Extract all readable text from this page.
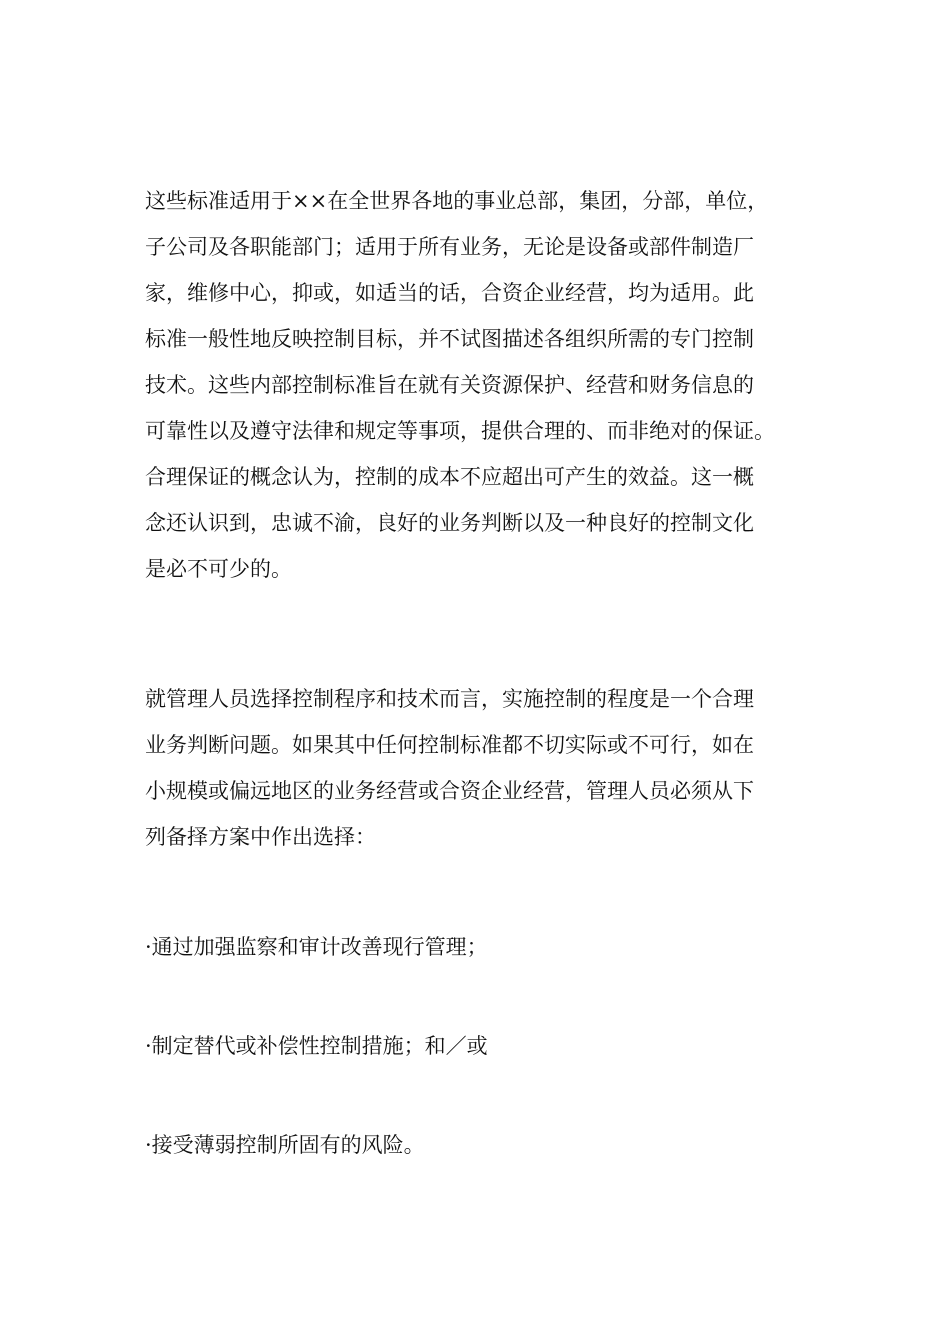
这些标准适用于××在全世界各地的事业总部，集团，分部，单位，
子公司及各职能部门；适用于所有业务，无论是设备或部件制造厂
家，维修中心，抑或，如适当的话，合资企业经营，均为适用。此
标准一般性地反映控制目标，并不试图描述各组织所需的专门控制
技术。这些内部控制标准旨在就有关资源保护、经营和财务信息的
可靠性以及遵守法律和规定等事项，提供合理的、而非绝对的保证。
合理保证的概念认为，控制的成本不应超出可产生的效益。这一概
念还认识到，忠诚不渝，良好的业务判断以及一种良好的控制文化
是必不可少的。
就管理人员选择控制程序和技术而言，实施控制的程度是一个合理
业务判断问题。如果其中任何控制标准都不切实际或不可行，如在
小规模或偏远地区的业务经营或合资企业经营，管理人员必须从下
列备择方案中作出选择：
·通过加强监察和审计改善现行管理；
·制定替代或补偿性控制措施；和／或
·接受薄弱控制所固有的风险。
